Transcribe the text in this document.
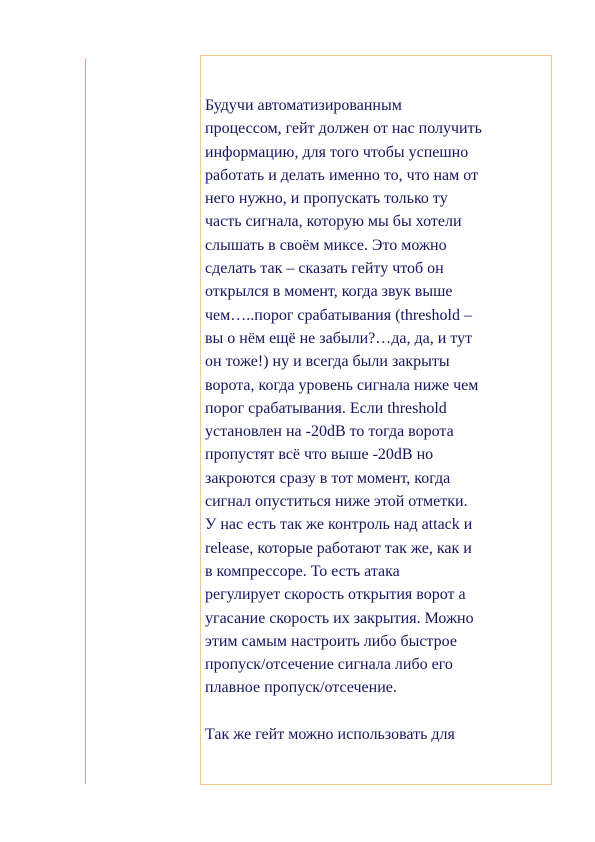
Будучи автоматизированным
процессом, гейт должен от нас получить
информацию, для того чтобы успешно
работать и делать именно то, что нам от
него нужно, и пропускать только ту
часть сигнала, которую мы бы хотели
слышать в своём миксе. Это можно
сделать так – сказать гейту чтоб он
открылся в момент, когда звук выше
чем…..порог срабатывания (threshold –
вы о нём ещё не забыли?…да, да, и тут
он тоже!) ну и всегда были закрыты
ворота, когда уровень сигнала ниже чем
порог срабатывания. Если threshold
установлен на -20dB то тогда ворота
пропустят всё что выше -20dB но
закроются сразу в тот момент, когда
сигнал опуститься ниже этой отметки.
У нас есть так же контроль над attack и
release, которые работают так же, как и
в компрессоре. То есть атака
регулирует скорость открытия ворот а
угасание скорость их закрытия. Можно
этим самым настроить либо быстрое
пропуск/отсечение сигнала либо его
плавное пропуск/отсечение.
Так же гейт можно использовать для
